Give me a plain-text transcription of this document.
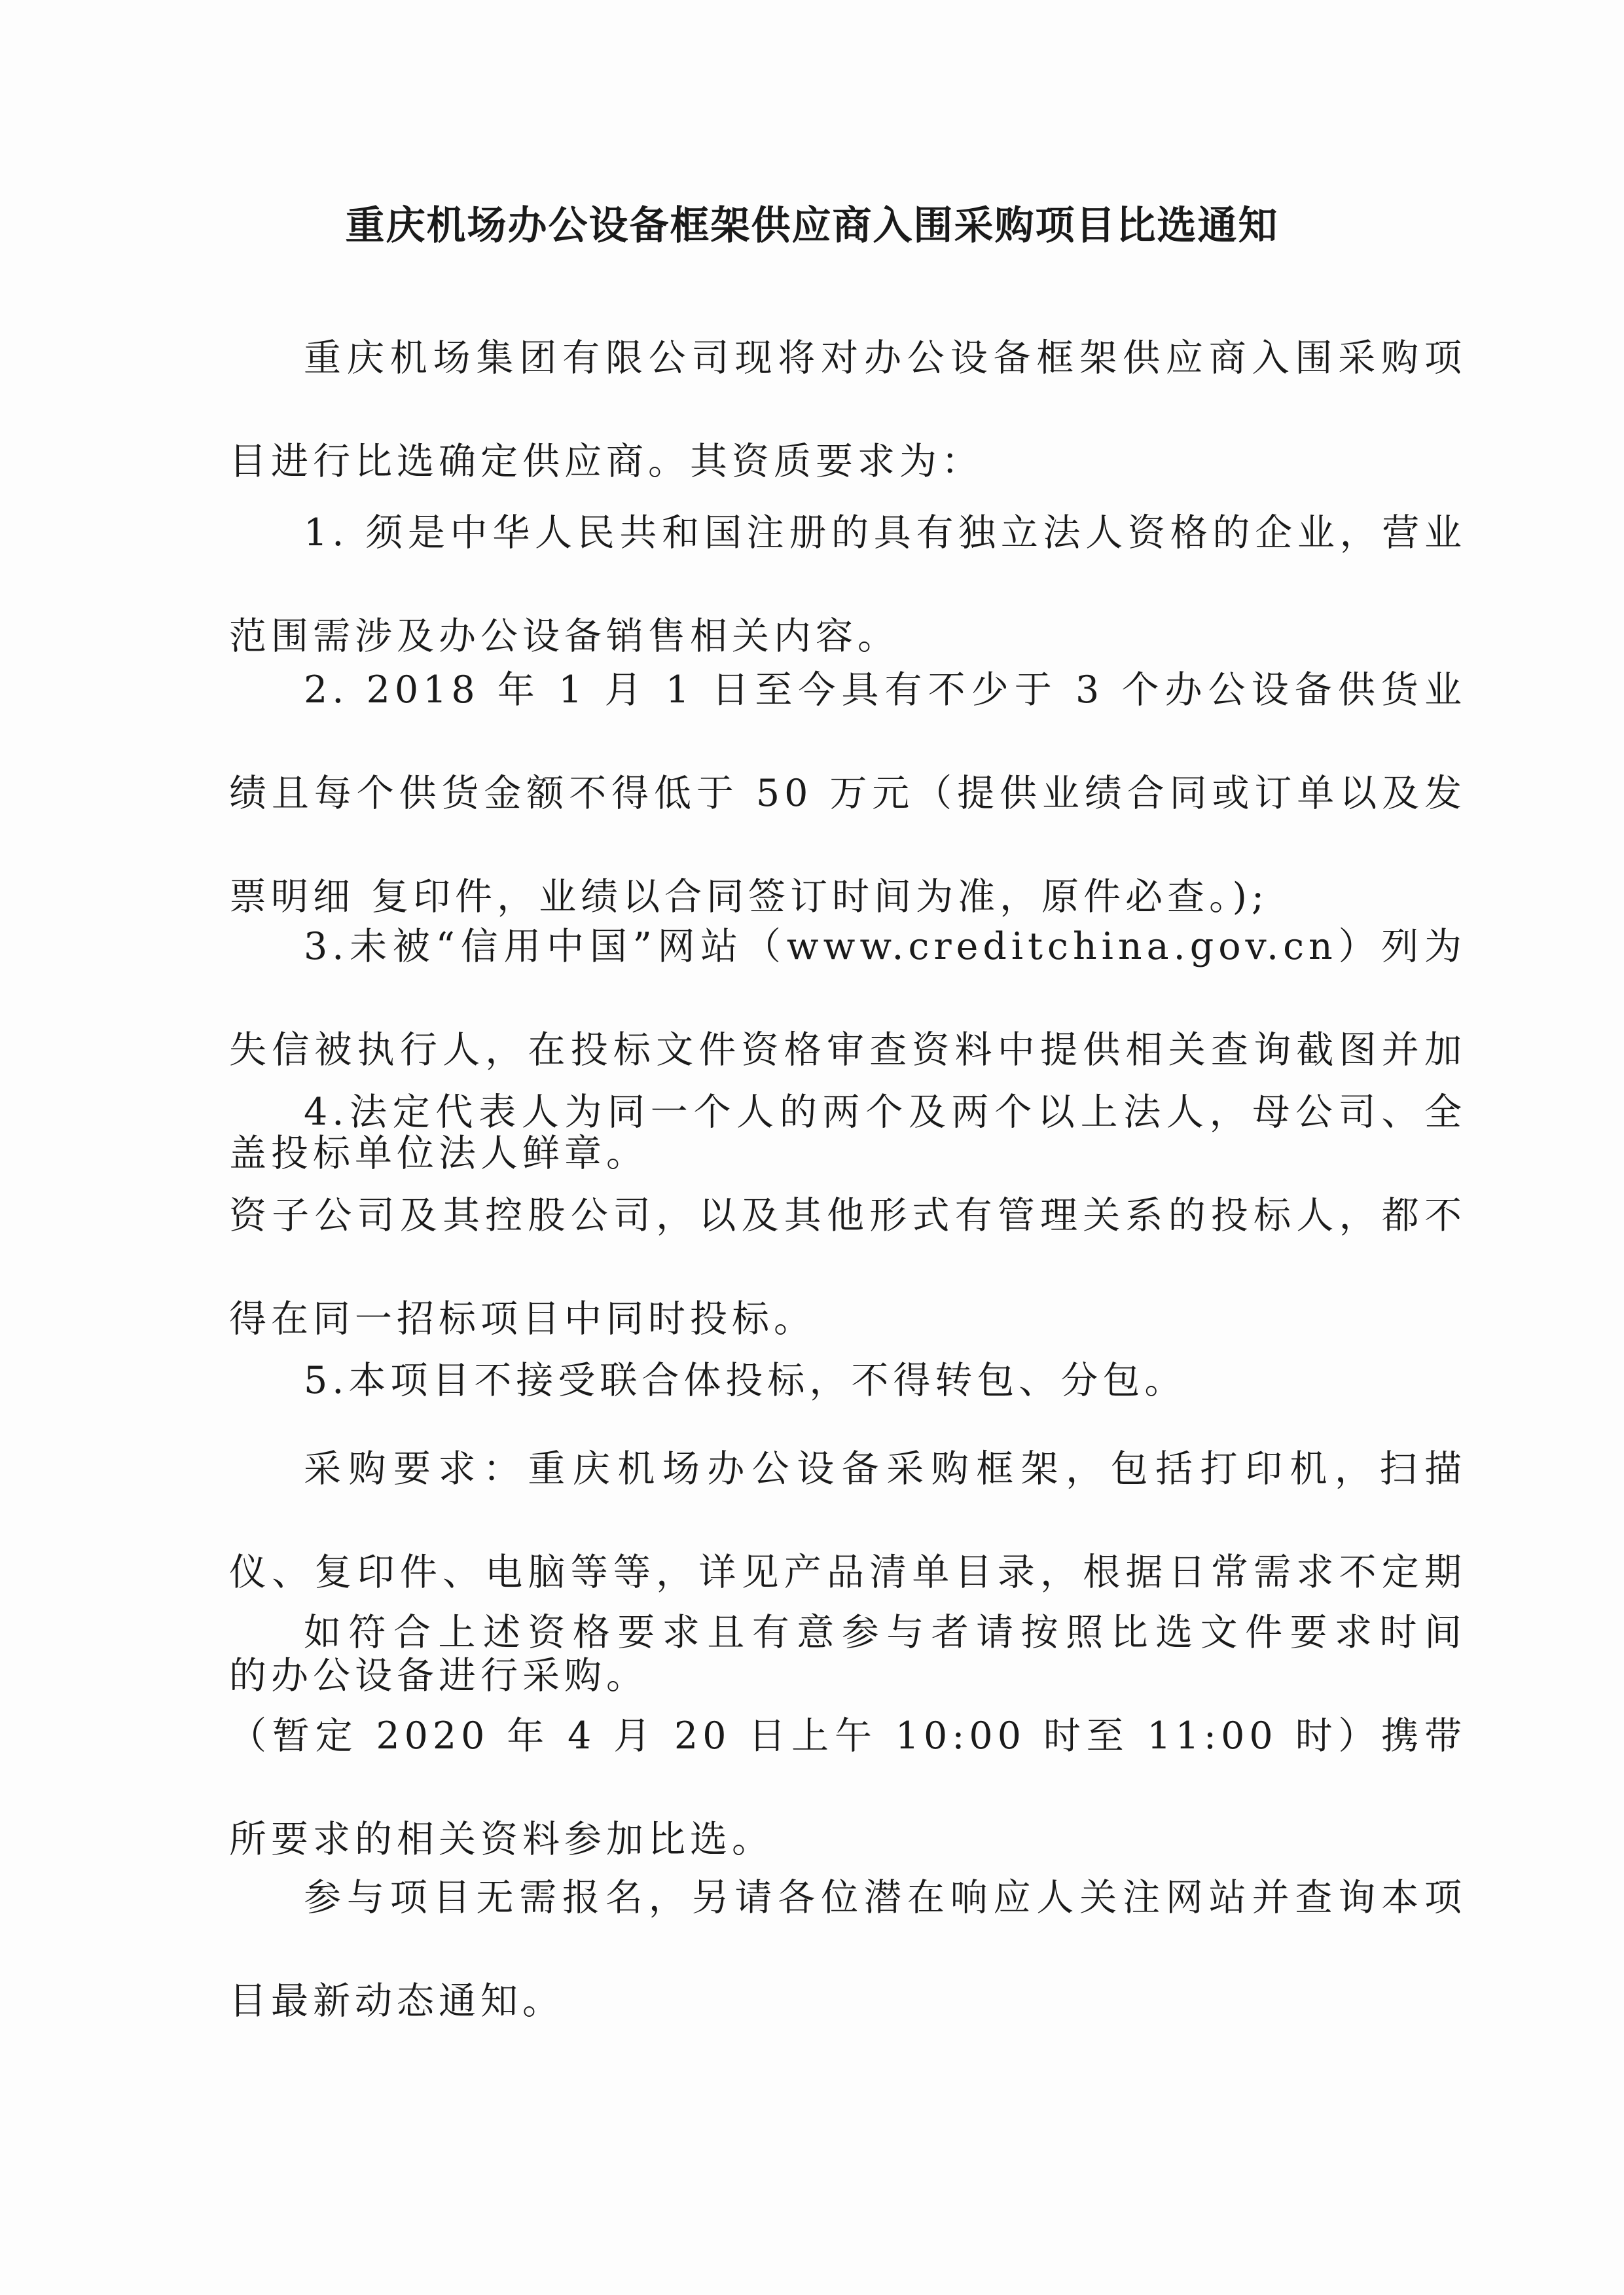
重庆机场办公设备框架供应商入围采购项目比选通知
重庆机场集团有限公司现将对办公设备框架供应商入围采购项目进行比选确定供应商。其资质要求为：
1. 须是中华人民共和国注册的具有独立法人资格的企业，营业范围需涉及办公设备销售相关内容。
2. 2018 年 1 月 1 日至今具有不少于 3 个办公设备供货业绩且每个供货金额不得低于 50 万元（提供业绩合同或订单以及发票明细 复印件，业绩以合同签订时间为准，原件必查。);
3.未被“信用中国”网站（www.creditchina.gov.cn）列为失信被执行人，在投标文件资格审查资料中提供相关查询截图并加盖投标单位法人鲜章。
4.法定代表人为同一个人的两个及两个以上法人，母公司、全资子公司及其控股公司，以及其他形式有管理关系的投标人，都不得在同一招标项目中同时投标。
5.本项目不接受联合体投标，不得转包、分包。
采购要求：重庆机场办公设备采购框架，包括打印机，扫描仪、复印件、电脑等等，详见产品清单目录，根据日常需求不定期的办公设备进行采购。
如符合上述资格要求且有意参与者请按照比选文件要求时间（暂定 2020 年 4 月 20 日上午 10:00 时至 11:00 时）携带所要求的相关资料参加比选。
参与项目无需报名，另请各位潜在响应人关注网站并查询本项目最新动态通知。
